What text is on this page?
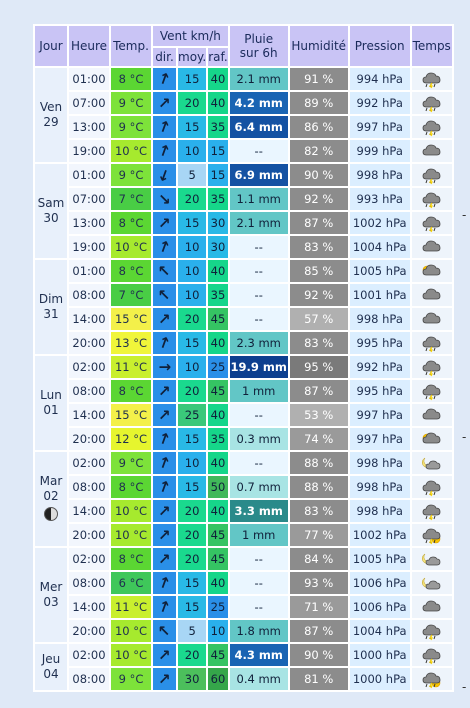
Jour	Heure	Temp.	Vent km/h			Pluie
sur 6h	Humidité	Pression	Temps
			dir.	moy.	raf.				

Ven
29	01:00	8 °C	↑	15	40	2.1 mm	91 %	994 hPa	

	07:00	9 °C	↑	20	40	4.2 mm	89 %	992 hPa	

	13:00	9 °C	↑	15	35	6.4 mm	86 %	997 hPa	

	19:00	10 °C	↑	10	15	--	82 %	999 hPa	

Sam
30	01:00	9 °C	↑	5	15	6.9 mm	90 %	998 hPa	

	07:00	7 °C	↑	20	35	1.1 mm	92 %	993 hPa	

	13:00	8 °C	↑	15	30	2.1 mm	87 %	1002 hPa	

	19:00	10 °C	↑	10	30	--	83 %	1004 hPa	

Dim
31	01:00	8 °C	↑	10	40	--	85 %	1005 hPa	

	08:00	7 °C	↑	10	35	--	92 %	1001 hPa	

	14:00	15 °C	↑	20	45	--	57 %	998 hPa	

	20:00	13 °C	↑	15	40	2.3 mm	83 %	995 hPa	

Lun
01	02:00	11 °C	↑	10	25	19.9 mm	95 %	992 hPa	

	08:00	8 °C	↑	20	45	1 mm	87 %	995 hPa	

	14:00	15 °C	↑	25	40	--	53 %	997 hPa	

	20:00	12 °C	↑	15	35	0.3 mm	74 %	997 hPa	

Mar
02	02:00	9 °C	↑	10	40	--	88 %	998 hPa	

	08:00	8 °C	↑	15	50	0.7 mm	88 %	998 hPa	

	14:00	10 °C	↑	20	40	3.3 mm	83 %	998 hPa	

	20:00	10 °C	↑	20	45	1 mm	77 %	1002 hPa	

Mer
03	02:00	8 °C	↑	20	45	--	84 %	1005 hPa	

	08:00	6 °C	↑	15	40	--	93 %	1006 hPa	

	14:00	11 °C	↑	15	25	--	71 %	1006 hPa	

	20:00	10 °C	↑	5	10	1.8 mm	87 %	1004 hPa	

Jeu
04	02:00	10 °C	↑	20	45	4.3 mm	90 %	1000 hPa	

	08:00	9 °C	↑	30	60	0.4 mm	81 %	1000 hPa	
-
-
-
